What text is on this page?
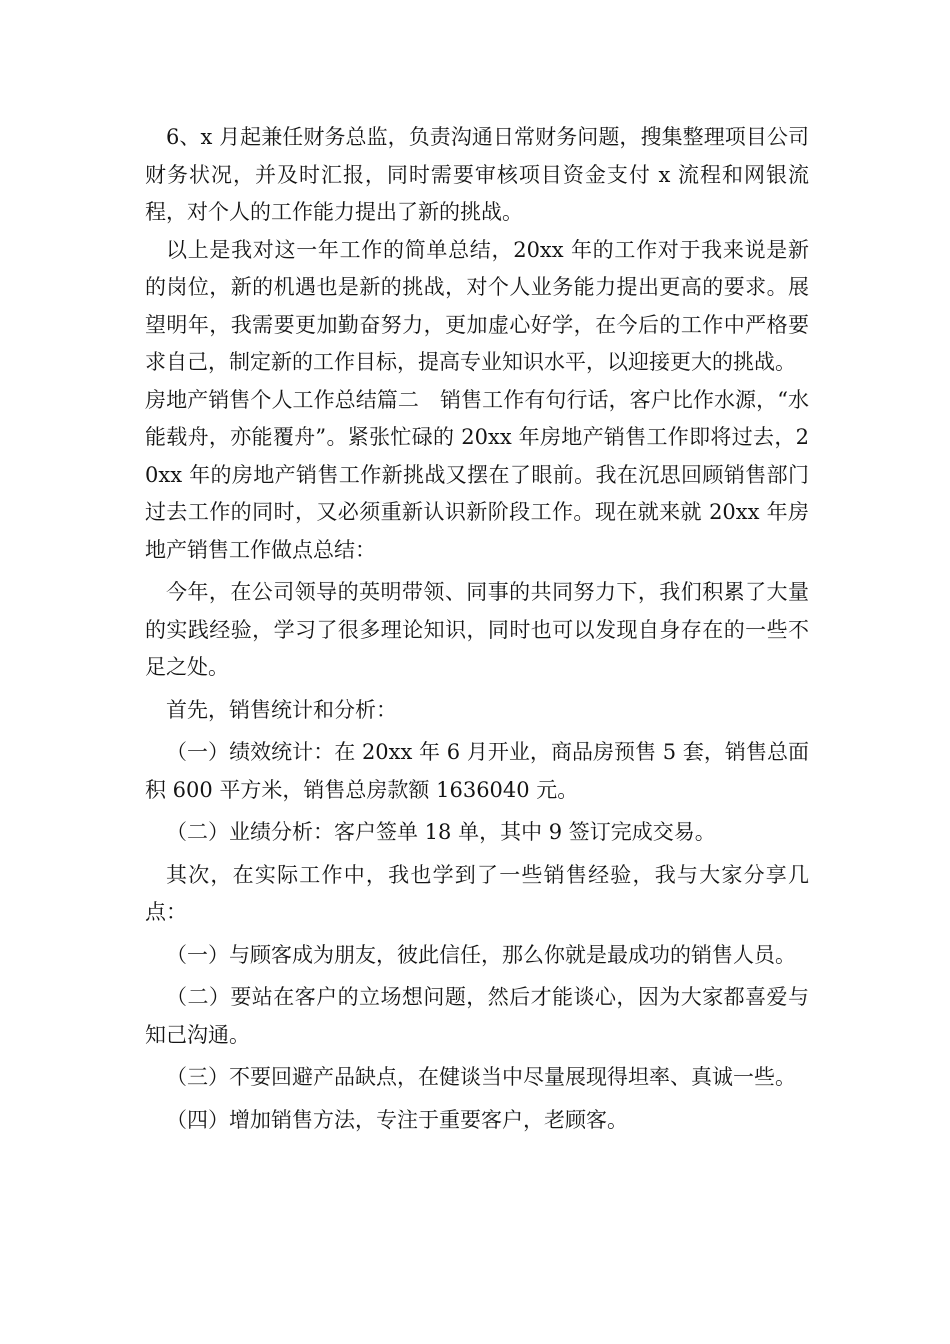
6、x 月起兼任财务总监，负责沟通日常财务问题，搜集整理项目公司财务状况，并及时汇报，同时需要审核项目资金支付 x 流程和网银流程，对个人的工作能力提出了新的挑战。

以上是我对这一年工作的简单总结，20xx 年的工作对于我来说是新的岗位，新的机遇也是新的挑战，对个人业务能力提出更高的要求。展望明年，我需要更加勤奋努力，更加虚心好学，在今后的工作中严格要求自己，制定新的工作目标，提高专业知识水平，以迎接更大的挑战。

房地产销售个人工作总结篇二　销售工作有句行话，客户比作水源，“水能载舟，亦能覆舟”。紧张忙碌的 20xx 年房地产销售工作即将过去，20xx 年的房地产销售工作新挑战又摆在了眼前。我在沉思回顾销售部门过去工作的同时，又必须重新认识新阶段工作。现在就来就 20xx 年房地产销售工作做点总结：

今年，在公司领导的英明带领、同事的共同努力下，我们积累了大量的实践经验，学习了很多理论知识，同时也可以发现自身存在的一些不足之处。

首先，销售统计和分析：

（一）绩效统计：在 20xx 年 6 月开业，商品房预售 5 套，销售总面积 600 平方米，销售总房款额 1636040 元。

（二）业绩分析：客户签单 18 单，其中 9 签订完成交易。

其次，在实际工作中，我也学到了一些销售经验，我与大家分享几点：

（一）与顾客成为朋友，彼此信任，那么你就是最成功的销售人员。

（二）要站在客户的立场想问题，然后才能谈心，因为大家都喜爱与知己沟通。

（三）不要回避产品缺点，在健谈当中尽量展现得坦率、真诚一些。

（四）增加销售方法，专注于重要客户，老顾客。
